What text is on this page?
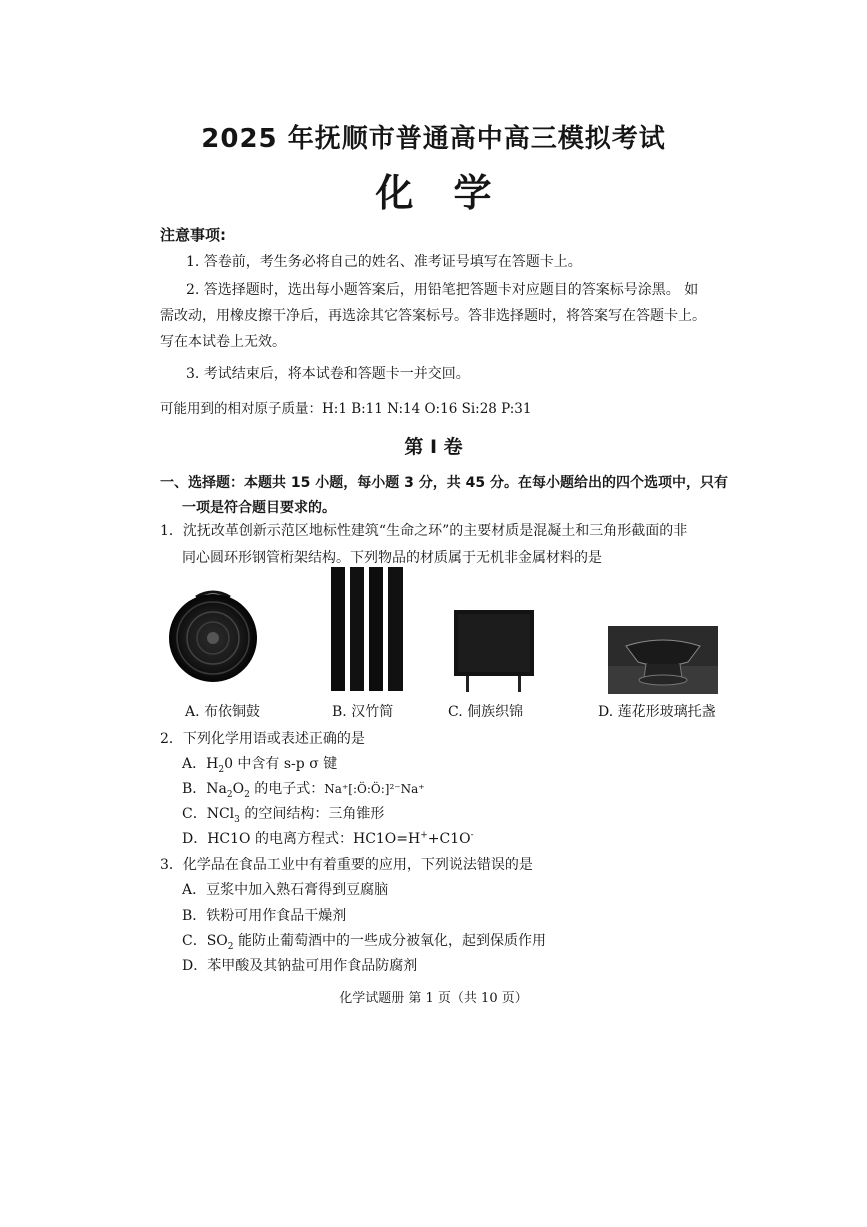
2025 年抚顺市普通高中高三模拟考试
化学
注意事项:
1. 答卷前，考生务必将自己的姓名、准考证号填写在答题卡上。
2. 答选择题时，选出每小题答案后，用铅笔把答题卡对应题目的答案标号涂黑。 如
需改动，用橡皮擦干净后，再选涂其它答案标号。答非选择题时，将答案写在答题卡上。
写在本试卷上无效。
3. 考试结束后，将本试卷和答题卡一并交回。
可能用到的相对原子质量：H:1 B:11 N:14 O:16 Si:28 P:31
第 I 卷
一、选择题：本题共 15 小题，每小题 3 分，共 45 分。在每小题给出的四个选项中，只有
一项是符合题目要求的。
1．沈抚改革创新示范区地标性建筑“生命之环”的主要材质是混凝土和三角形截面的非
同心圆环形钢管桁架结构。下列物品的材质属于无机非金属材料的是
A. 布依铜鼓	B. 汉竹简	C. 侗族织锦	D. 莲花形玻璃托盏
2．下列化学用语或表述正确的是
A．$H_20$ 中含有 s-p σ 键
B．$Na_2O_2$ 的电子式：Na⁺[:Ö:Ö:]²⁻Na⁺
C．NCl$_3$ 的空间结构：三角锥形
D．HC1O 的电离方程式：HC1O=H++C1O-
3．化学品在食品工业中有着重要的应用，下列说法错误的是
A．豆浆中加入熟石膏得到豆腐脑
B．铁粉可用作食品干燥剂
C．$SO_2$ 能防止葡萄酒中的一些成分被氧化，起到保质作用
D．苯甲酸及其钠盐可用作食品防腐剂
化学试题册 第 1 页（共 10 页）
